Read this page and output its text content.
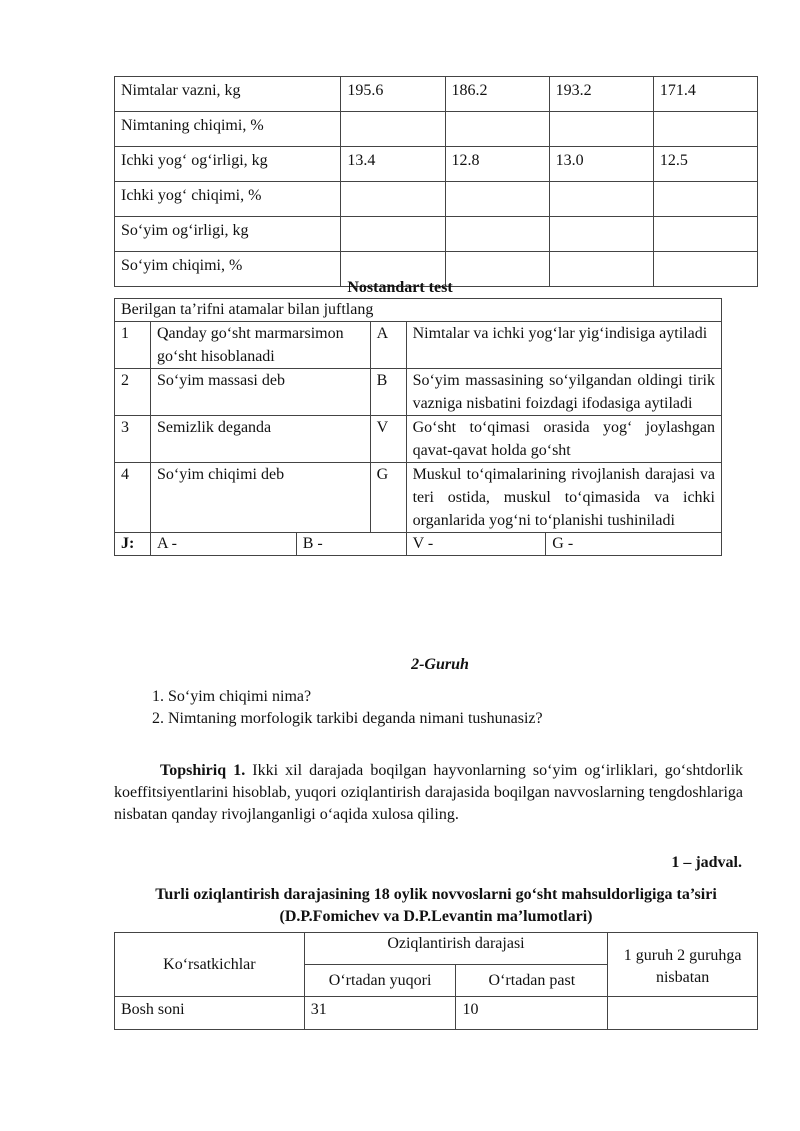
Nimtalar vazni, kg	195.6	186.2	193.2	171.4
Nimtaning chiqimi, %				
Ichki yog‘ og‘irligi, kg	13.4	12.8	13.0	12.5
Ichki yog‘ chiqimi, %				
So‘yim og‘irligi, kg				
So‘yim chiqimi, %				
Nostandart test
Berilgan ta’rifni atamalar bilan juftlang					
1	Qanday go‘sht marmarsimon go‘sht hisoblanadi		A	Nimtalar va ichki yog‘lar yig‘indisiga aytiladi	
2	So‘yim massasi deb		B	So‘yim massasining so‘yilgandan oldingi tirik vazniga nisbatini foizdagi ifodasiga aytiladi	
3	Semizlik deganda		V	Go‘sht to‘qimasi orasida yog‘ joylashgan qavat-qavat holda go‘sht	
4	So‘yim chiqimi deb		G	Muskul to‘qimalarining rivojlanish darajasi va teri ostida, muskul to‘qimasida va ichki organlarida yog‘ni to‘planishi tushiniladi	
J:	A -	B -		V -	G -
2-Guruh
1. So‘yim chiqimi nima?
2. Nimtaning morfologik tarkibi deganda nimani tushunasiz?
Topshiriq 1. Ikki xil darajada boqilgan hayvonlarning so‘yim og‘irliklari, go‘shtdorlik koeffitsiyentlarini hisoblab, yuqori oziqlantirish darajasida boqilgan navvoslarning tengdoshlariga nisbatan qanday rivojlanganligi o‘aqida xulosa qiling.
1 – jadval.
Turli oziqlantirish darajasining 18 oylik novvoslarni go‘sht mahsuldorligiga ta’siri (D.P.Fomichev va D.P.Levantin ma’lumotlari)
Ko‘rsatkichlar	Oziqlantirish darajasi		1 guruh 2 guruhga nisbatan
	O‘rtadan yuqori	O‘rtadan past	
Bosh soni	31	10	
